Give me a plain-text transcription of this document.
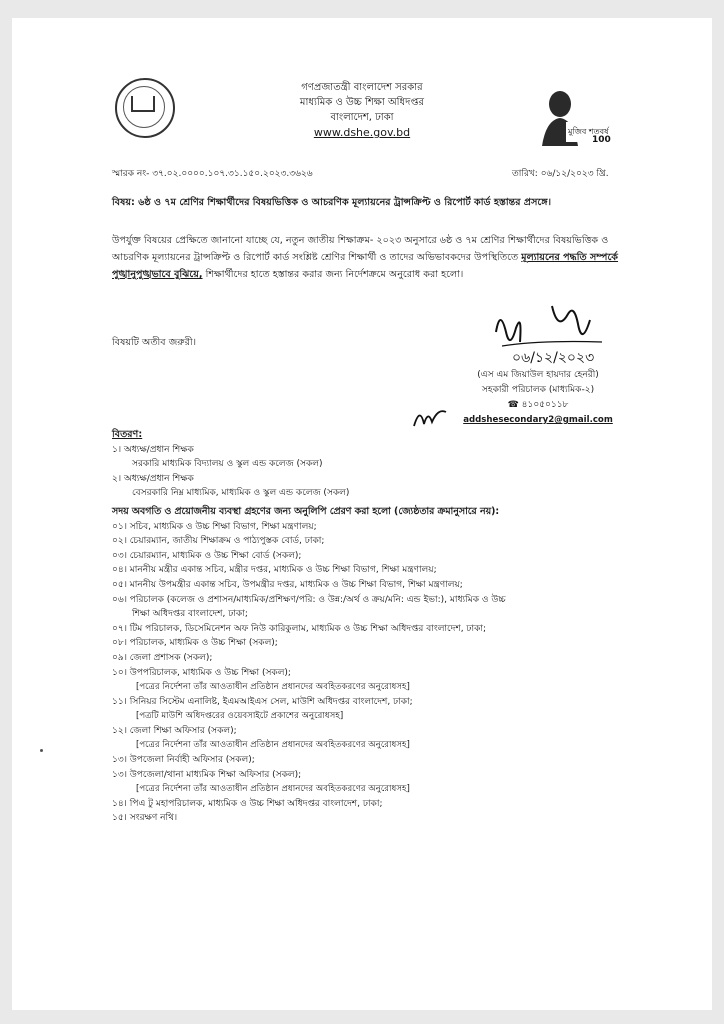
গণপ্রজাতন্ত্রী বাংলাদেশ সরকার
মাধ্যমিক ও উচ্চ শিক্ষা অধিদপ্তর
বাংলাদেশ, ঢাকা
www.dshe.gov.bd	মুজিব শতবর্ষ
100
স্মারক নং- ৩৭.০২.০০০০.১০৭.৩১.১৫০.২০২৩.৩৬২৬	তারিখ: ০৬/১২/২০২৩ খ্রি.
বিষয়: ৬ষ্ঠ ও ৭ম শ্রেণির শিক্ষার্থীদের বিষয়ভিত্তিক ও আচরণিক মূল্যায়নের ট্রান্সক্রিপ্ট ও রিপোর্ট কার্ড হস্তান্তর প্রসঙ্গে।
উপর্যুক্ত বিষয়ের প্রেক্ষিতে জানানো যাচ্ছে যে, নতুন জাতীয় শিক্ষাক্রম- ২০২৩ অনুসারে ৬ষ্ঠ ও ৭ম শ্রেণির শিক্ষার্থীদের বিষয়ভিত্তিক ও আচরণিক মূল্যায়নের ট্রান্সক্রিপ্ট ও রিপোর্ট কার্ড সংশ্লিষ্ট শ্রেণির শিক্ষার্থী ও তাদের অভিভাবকদের উপস্থিতিতে মূল্যায়নের পদ্ধতি সম্পর্কে পুঙ্খানুপুঙ্খভাবে বুঝিয়ে, শিক্ষার্থীদের হাতে হস্তান্তর করার জন্য নির্দেশক্রমে অনুরোধ করা হলো।
বিষয়টি অতীব জরুরী।
০৬/১২/২০২৩
(এস এম জিয়াউল হায়দার হেনরী)
সহকারী পরিচালক (মাধ্যমিক-২)
☎ ৪১০৫০১১৮
addshesecondary2@gmail.com
বিতরণ:
১। অধ্যক্ষ/প্রধান শিক্ষক
সরকারি মাধ্যমিক বিদ্যালয় ও স্কুল এন্ড কলেজ (সকল)
২। অধ্যক্ষ/প্রধান শিক্ষক
বেসরকারি নিম্ন মাধ্যমিক, মাধ্যমিক ও স্কুল এন্ড কলেজ (সকল)
সদয় অবগতি ও প্রয়োজনীয় ব্যবস্থা গ্রহণের জন্য অনুলিপি প্রেরণ করা হলো (জ্যেষ্ঠতার ক্রমানুসারে নয়):
০১। সচিব, মাধ্যমিক ও উচ্চ শিক্ষা বিভাগ, শিক্ষা মন্ত্রণালয়;
০২। চেয়ারম্যান, জাতীয় শিক্ষাক্রম ও পাঠ্যপুস্তক বোর্ড, ঢাকা;
০৩। চেয়ারম্যান, মাধ্যমিক ও উচ্চ শিক্ষা বোর্ড (সকল);
০৪। মাননীয় মন্ত্রীর একান্ত সচিব, মন্ত্রীর দপ্তর, মাধ্যমিক ও উচ্চ শিক্ষা বিভাগ, শিক্ষা মন্ত্রণালয়;
০৫। মাননীয় উপমন্ত্রীর একান্ত সচিব, উপমন্ত্রীর দপ্তর, মাধ্যমিক ও উচ্চ শিক্ষা বিভাগ, শিক্ষা মন্ত্রণালয়;
০৬। পরিচালক (কলেজ ও প্রশাসন/মাধ্যমিক/প্রশিক্ষণ/পরি: ও উন্ন:/অর্থ ও ক্রয়/মনি: এন্ড ইভা:), মাধ্যমিক ও উচ্চ
শিক্ষা অধিদপ্তর বাংলাদেশ, ঢাকা;
০৭। টিম পরিচালক, ডিসেমিনেশন অফ নিউ কারিকুলাম, মাধ্যমিক ও উচ্চ শিক্ষা অধিদপ্তর বাংলাদেশ, ঢাকা;
০৮। পরিচালক, মাধ্যমিক ও উচ্চ শিক্ষা (সকল);
০৯। জেলা প্রশাসক (সকল);
১০। উপপরিচালক, মাধ্যমিক ও উচ্চ শিক্ষা (সকল);
[পত্রের নির্দেশনা তাঁর আওতাধীন প্রতিষ্ঠান প্রধানদের অবহিতকরণের অনুরোধসহ]
১১। সিনিয়র সিস্টেম এনালিষ্ট, ইএমআইএস সেল, মাউশি অধিদপ্তর বাংলাদেশ, ঢাকা;
[পত্রটি মাউশি অধিদপ্তরের ওয়েবসাইটে প্রকাশের অনুরোধসহ]
১২। জেলা শিক্ষা অফিসার (সকল);
[পত্রের নির্দেশনা তাঁর আওতাধীন প্রতিষ্ঠান প্রধানদের অবহিতকরণের অনুরোধসহ]
১৩। উপজেলা নির্বাহী অফিসার (সকল);
১৩। উপজেলা/থানা মাধ্যমিক শিক্ষা অফিসার (সকল);
[পত্রের নির্দেশনা তাঁর আওতাধীন প্রতিষ্ঠান প্রধানদের অবহিতকরণের অনুরোধসহ]
১৪। পিএ টু মহাপরিচালক, মাধ্যমিক ও উচ্চ শিক্ষা অধিদপ্তর বাংলাদেশ, ঢাকা;
১৫। সংরক্ষণ নথি।
